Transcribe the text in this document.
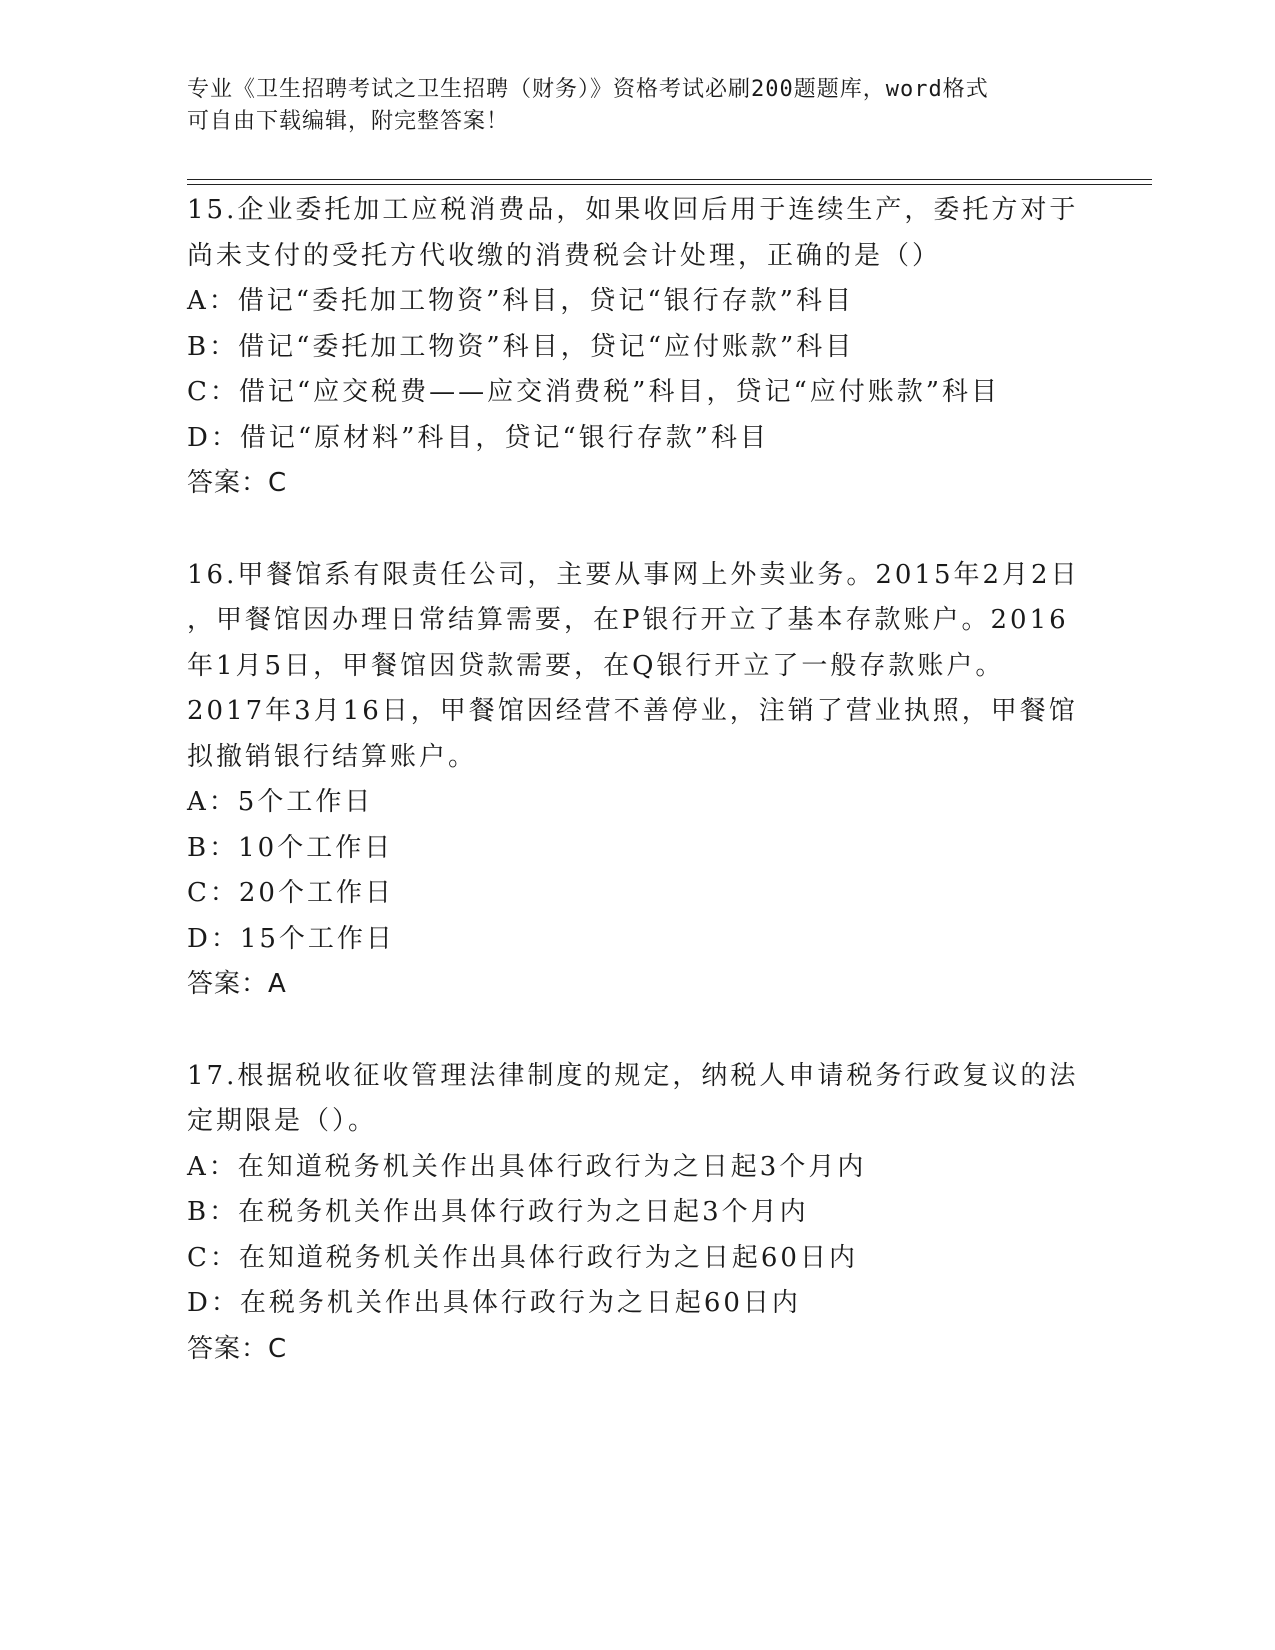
专业《卫生招聘考试之卫生招聘（财务）》资格考试必刷200题题库，word格式
可自由下载编辑，附完整答案！
15.企业委托加工应税消费品，如果收回后用于连续生产，委托方对于
尚未支付的受托方代收缴的消费税会计处理，正确的是（）
A：借记“委托加工物资”科目，贷记“银行存款”科目
B：借记“委托加工物资”科目，贷记“应付账款”科目
C：借记“应交税费——应交消费税”科目，贷记“应付账款”科目
D：借记“原材料”科目，贷记“银行存款”科目
答案：C
16.甲餐馆系有限责任公司，主要从事网上外卖业务。2015年2月2日
，甲餐馆因办理日常结算需要，在P银行开立了基本存款账户。2016
年1月5日，甲餐馆因贷款需要，在Q银行开立了一般存款账户。
2017年3月16日，甲餐馆因经营不善停业，注销了营业执照，甲餐馆
拟撤销银行结算账户。
A：5个工作日
B：10个工作日
C：20个工作日
D：15个工作日
答案：A
17.根据税收征收管理法律制度的规定，纳税人申请税务行政复议的法
定期限是（）。
A：在知道税务机关作出具体行政行为之日起3个月内
B：在税务机关作出具体行政行为之日起3个月内
C：在知道税务机关作出具体行政行为之日起60日内
D：在税务机关作出具体行政行为之日起60日内
答案：C
